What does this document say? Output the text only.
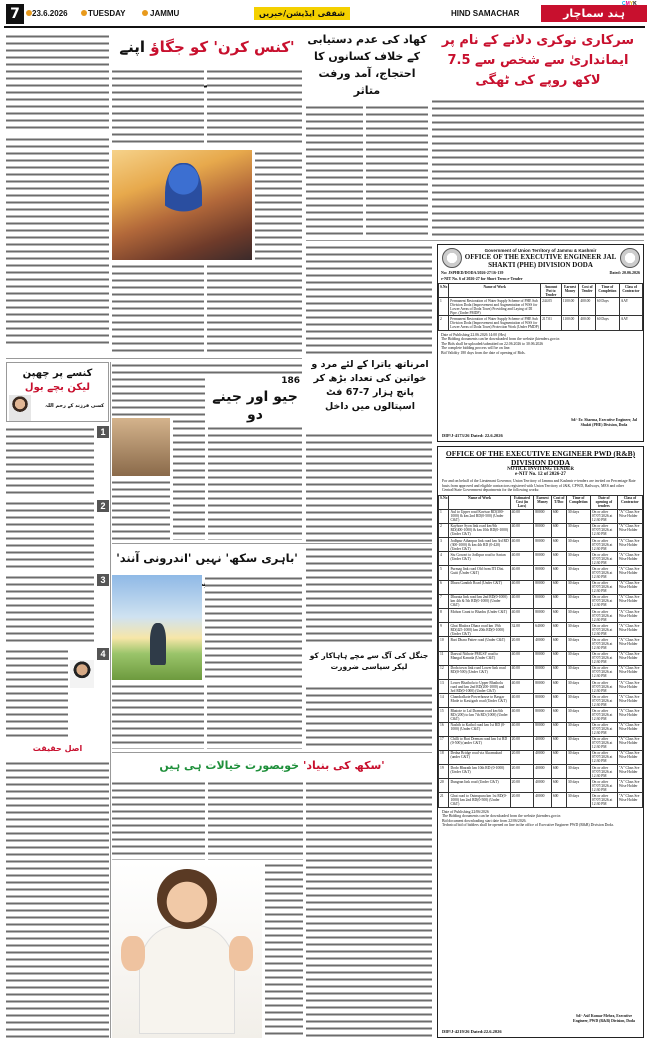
7	23.6.2026	TUESDAY	JAMMU	شفقی ایڈیشن/خبریں	HIND SAMACHAR	ہند سماچار
CMYK
سرکاری نوکری دلانے کے نام پر ایمانداریٰ سے شخص سے 7.5 لاکھ روپے کی ٹھگی
کھاد کی عدم دستیابی کے خلاف کسانوں کا احتجاج، آمد ورفت متاثر
'کنس کرن' کو جگاؤ اپنے
امرناتھ یاترا کے لئے مرد و خواتین کی تعداد بڑھ کر پانچ ہزار 7-67 فٹ اسپتالوں میں داخل
Government of Union Territory of Jammu & Kashmir
OFFICE OF THE EXECUTIVE ENGINEER JAL SHAKTI (PHE) DIVISION DODA
No: JSPHED/DODA/2026-27/16-139	Dated: 20.06.2026
e-NIT No. 6 of 2026-27 for Short Term e-Tender
S.No	Name of Work	Amount Put to Tender	Earnest Money	Cost of Tender	Time of Completion	Class of Contractor
1	Permanent Restoration of Water Supply Scheme of PHE Sub Division Doda (Improvement and Augmentation of WSS for Lower Areas of Doda Town) Providing and Laying of DI Pipe. (Under PMDP)	244.05	1100.00	400.00	60 Days	AAY
2	Permanent Restoration of Water Supply Scheme of PHE Sub Division Doda (Improvement and Augmentation of WSS for Lower Areas of Doda Town) Protection Work (Under PMDP)	217.01	1100.00	400.00	60 Days	AAY
Date of Publishing 22.06.2026 14:00 (Hrs)
The Bidding documents can be downloaded from the website jktenders.gov.in
The Bids shall be uploaded/submitted on 22.06.2026 to 30.06.2026
The complete bidding process will be on line.
Bid Validity 180 days from the date of opening of Bids.
Sd/- Er. Sharma, Executive Engineer, Jal Shakti (PHE) Division, Doda
DIP/J-4173/26 Dated: 22.6.2026
OFFICE OF THE EXECUTIVE ENGINEER PWD (R&B) DIVISION DODA
NOTICE INVITING TENDER
e-NIT No. 12 of 2026-27
For and on behalf of the Lieutenant Governor, Union Territory of Jammu and Kashmir e-tenders are invited on Percentage Rate basis from approved and eligible contractors registered with Union Territory of J&K, CPWD, Railways, MES and other Central/State Government departments for the following works:
S.No	Name of Work	Estimated Cost (in Lacs)	Earnest Money	Cost of T/Doc	Time of Completion	Date of opening of tenders	Class of Contractor
1	Aul to Upper road Kavisar RD(300-1000) & km 2nd RD(0-500) (Under C&T)	40.00	80000	600	30 days	On or after 07/07/2026 at 12:30 PM	"A" Class Sre Wise Holder
2	Kayhore Syon link road km 9th RD(400-1000) & km 10th RD(0-1000) (Under C&T)	40.00	80000	600	30 days	On or after 07/07/2026 at 12:30 PM	"A" Class Sre Wise Holder
3	Jodhpur Athanpur link road km 3rd RD (300-1000) & km 4th RD (0-420) (Under C&T)	40.00	80000	600	30 days	On or after 07/07/2026 at 12:30 PM	"A" Class Sre Wise Holder
4	Siu Gowari to Jodhpur road to Sarian (Under C&T)	40.00	80000	600	30 days	On or after 07/07/2026 at 12:30 PM	"A" Class Sre Wise Holder
5	Purmag link road Old from ITI Dist. Gutti (Under C&T)	40.00	80000	600	30 days	On or after 07/07/2026 at 12:30 PM	"A" Class Sre Wise Holder
6	Dhara Gandoh Road (Under C&T)	40.00	80000	600	30 days	On or after 07/07/2026 at 12:30 PM	"A" Class Sre Wise Holder
7	Dharata link road km 2nd RD(0-1000) km 4th & 5th RD(0-1000) (Under C&T)	40.00	80000	600	30 days	On or after 07/07/2026 at 12:30 PM	"A" Class Sre Wise Holder
8	Mohon Grani to Bhadru (Under C&T)	40.00	80000	600	30 days	On or after 07/07/2026 at 12:30 PM	"A" Class Sre Wise Holder
9	Ghat Bhalora Dhara road km 19th RD(425-1000) km 20th RD(0-1000) (Under C&T)	32.00	64000	600	30 days	On or after 07/07/2026 at 12:30 PM	"A" Class Sre Wise Holder
10	Bari Dhara Pattee road (Under C&T)	20.00	40000	600	30 days	On or after 07/07/2026 at 12:30 PM	"A" Class Sre Wise Holder
11	Daswal Nithote PMGSY road to Mangal Kanoda (Under C&T)	40.00	80000	600	30 days	On or after 07/07/2026 at 12:30 PM	"A" Class Sre Wise Holder
12	Doda town link road Lower link road RD(0-500) (Under C&T)	40.00	80000	600	30 days	On or after 07/07/2026 at 12:30 PM	"A" Class Sre Wise Holder
13	Lower Bhatholu to Upper Bhatholu road and km 2nd RD(200-1000) and 3rd RD(0-1000) (Under C&T)	40.00	80000	600	30 days	On or after 07/07/2026 at 12:30 PM	"A" Class Sre Wise Holder
14	Chandralkote Powerhouse to Basgar Mode to Kastigarh road (Under C&T)	40.00	80000	600	30 days	On or after 07/07/2026 at 12:30 PM	"A" Class Sre Wise Holder
15	Bhatote to Lal Draman road km 6th RD (200) to km 7th RD (1000) (Under C&T)	40.00	80000	600	30 days	On or after 07/07/2026 at 12:30 PM	"A" Class Sre Wise Holder
16	Nashib to Kathol road km 1st RD (0-1000) (Under C&T)	40.00	80000	600	30 days	On or after 07/07/2026 at 12:30 PM	"A" Class Sre Wise Holder
17	Chilli to Bari Dreman road km 1st RD (0-500) (under C&T)	20.00	40000	600	30 days	On or after 07/07/2026 at 12:30 PM	"A" Class Sre Wise Holder
18	Dedna Bridge road via Akramabad (under C&T)	20.00	40000	600	30 days	On or after 07/07/2026 at 12:30 PM	"A" Class Sre Wise Holder
19	Dodo Bharath km 10th RD (0-1000) (Under C&T)	20.00	40000	600	30 days	On or after 07/07/2026 at 12:30 PM	"A" Class Sre Wise Holder
20	Dungran link road (Under C&T)	20.00	40000	600	30 days	On or after 07/07/2026 at 12:30 PM	"A" Class Sre Wise Holder
21	Ghat road to Outnupura km 1st RD(0-1000) km 2nd RD(0-500) (Under C&T)	20.00	40000	600	30 days	On or after 07/07/2026 at 12:30 PM	"A" Class Sre Wise Holder
Date of Publishing 22/06/2026
The Bidding documents can be downloaded from the website jktenders.gov.in
Bid document downloading start date from 22/06/2026.
Technical bid of bidders shall be opened on line in the office of Executive Engineer PWD (R&B) Division Doda.
Sd/- Asif Kumar Mehra, Executive Engineer, PWD (R&B) Division, Doda
DIP/J-4219/26 Dated:22.6.2026
186
جیو اور جینے دو
کنسے پر چھپن
لیکن بچے بول
کسی فرزند کے رحم اللہ
1
2
3
4
اصل حقیقت
'باہری سکھ' نہیں 'اندرونی آنند'
جنگل کی آگ سے مچے ہاہاکار کو لیکر سیاسی ضرورت
'سکھ کی بنیاد' خوبصورت خیالات ہی ہیں
